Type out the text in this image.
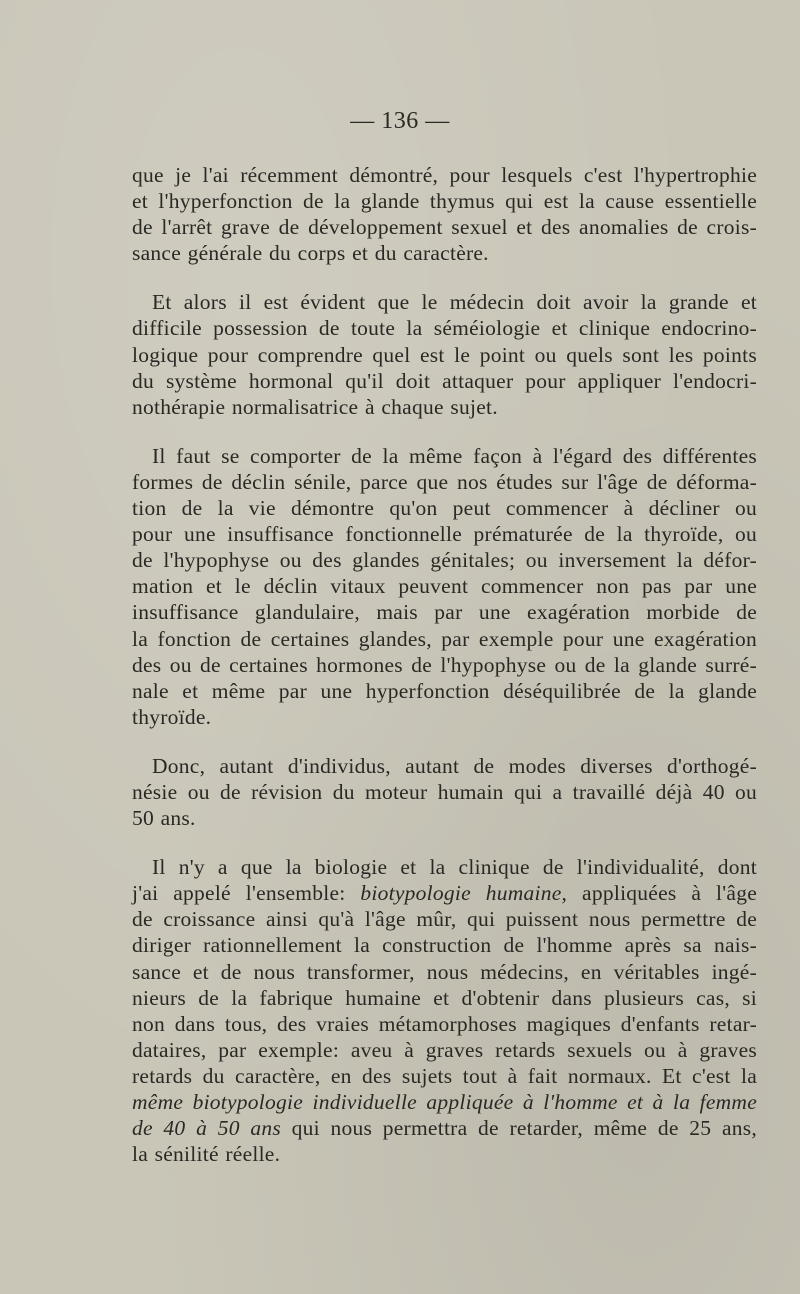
— 136 —

que je l'ai récemment démontré, pour lesquels c'est l'hypertrophie
et l'hyperfonction de la glande thymus qui est la cause essentielle
de l'arrêt grave de développement sexuel et des anomalies de crois-
sance générale du corps et du caractère.

Et alors il est évident que le médecin doit avoir la grande et
difficile possession de toute la séméiologie et clinique endocrino-
logique pour comprendre quel est le point ou quels sont les points
du système hormonal qu'il doit attaquer pour appliquer l'endocri-
nothérapie normalisatrice à chaque sujet.

Il faut se comporter de la même façon à l'égard des différentes
formes de déclin sénile, parce que nos études sur l'âge de déforma-
tion de la vie démontre qu'on peut commencer à décliner ou
pour une insuffisance fonctionnelle prématurée de la thyroïde, ou
de l'hypophyse ou des glandes génitales; ou inversement la défor-
mation et le déclin vitaux peuvent commencer non pas par une
insuffisance glandulaire, mais par une exagération morbide de
la fonction de certaines glandes, par exemple pour une exagération
des ou de certaines hormones de l'hypophyse ou de la glande surré-
nale et même par une hyperfonction déséquilibrée de la glande
thyroïde.

Donc, autant d'individus, autant de modes diverses d'orthogé-
nésie ou de révision du moteur humain qui a travaillé déjà 40 ou
50 ans.

Il n'y a que la biologie et la clinique de l'individualité, dont
j'ai appelé l'ensemble: biotypologie humaine, appliquées à l'âge
de croissance ainsi qu'à l'âge mûr, qui puissent nous permettre de
diriger rationnellement la construction de l'homme après sa nais-
sance et de nous transformer, nous médecins, en véritables ingé-
nieurs de la fabrique humaine et d'obtenir dans plusieurs cas, si
non dans tous, des vraies métamorphoses magiques d'enfants retar-
dataires, par exemple: aveu à graves retards sexuels ou à graves
retards du caractère, en des sujets tout à fait normaux. Et c'est la
même biotypologie individuelle appliquée à l'homme et à la femme
de 40 à 50 ans qui nous permettra de retarder, même de 25 ans,
la sénilité réelle.
